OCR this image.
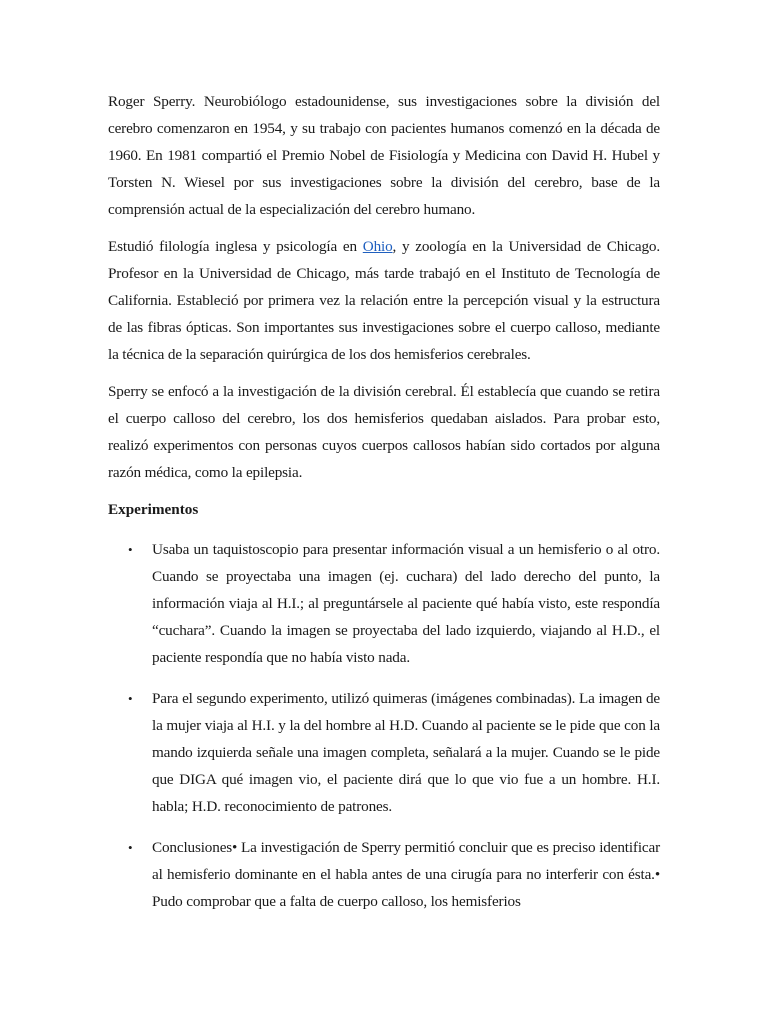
Roger Sperry. Neurobiólogo estadounidense, sus investigaciones sobre la división del cerebro comenzaron en 1954, y su trabajo con pacientes humanos comenzó en la década de 1960. En 1981 compartió el Premio Nobel de Fisiología y Medicina con David H. Hubel y Torsten N. Wiesel por sus investigaciones sobre la división del cerebro, base de la comprensión actual de la especialización del cerebro humano.

Estudió filología inglesa y psicología en Ohio, y zoología en la Universidad de Chicago. Profesor en la Universidad de Chicago, más tarde trabajó en el Instituto de Tecnología de California. Estableció por primera vez la relación entre la percepción visual y la estructura de las fibras ópticas. Son importantes sus investigaciones sobre el cuerpo calloso, mediante la técnica de la separación quirúrgica de los dos hemisferios cerebrales.

Sperry se enfocó a la investigación de la división cerebral. Él establecía que cuando se retira el cuerpo calloso del cerebro, los dos hemisferios quedaban aislados. Para probar esto, realizó experimentos con personas cuyos cuerpos callosos habían sido cortados por alguna razón médica, como la epilepsia.

Experimentos
• Usaba un taquistoscopio para presentar información visual a un hemisferio o al otro. Cuando se proyectaba una imagen (ej. cuchara) del lado derecho del punto, la información viaja al H.I.; al preguntársele al paciente qué había visto, este respondía “cuchara”. Cuando la imagen se proyectaba del lado izquierdo, viajando al H.D., el paciente respondía que no había visto nada.

• Para el segundo experimento, utilizó quimeras (imágenes combinadas). La imagen de la mujer viaja al H.I. y la del hombre al H.D. Cuando al paciente se le pide que con la mando izquierda señale una imagen completa, señalará a la mujer. Cuando se le pide que DIGA qué imagen vio, el paciente dirá que lo que vio fue a un hombre. H.I. habla; H.D. reconocimiento de patrones.

• Conclusiones• La investigación de Sperry permitió concluir que es preciso identificar al hemisferio dominante en el habla antes de una cirugía para no interferir con ésta.• Pudo comprobar que a falta de cuerpo calloso, los hemisferios
